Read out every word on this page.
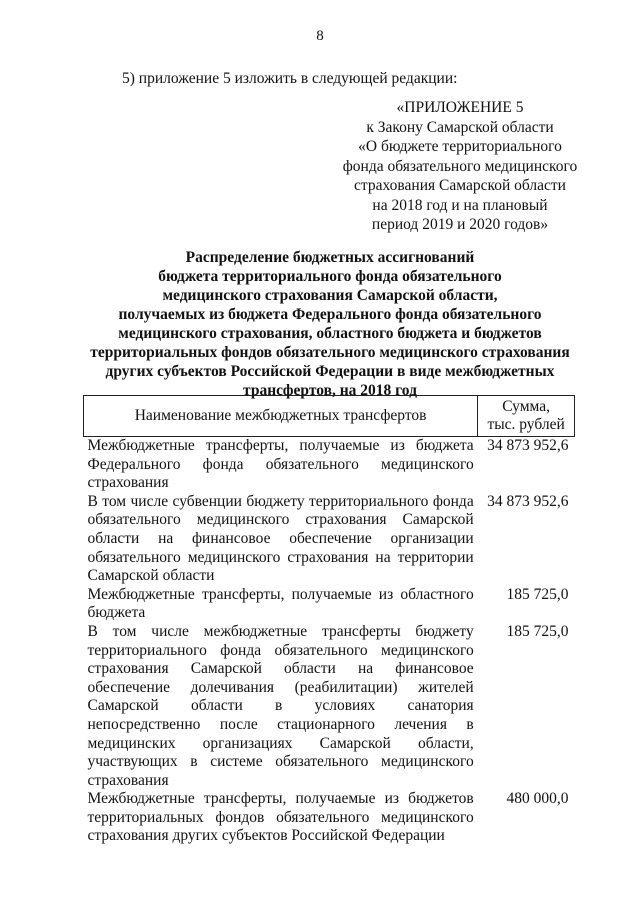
8
5) приложение 5 изложить в следующей редакции:
«ПРИЛОЖЕНИЕ 5
к Закону Самарской области
«О бюджете территориального
фонда обязательного медицинского
страхования Самарской области
на 2018 год и на плановый
период 2019 и 2020 годов»
Распределение бюджетных ассигнований
бюджета территориального фонда обязательного
медицинского страхования Самарской области,
получаемых из бюджета Федерального фонда обязательного
медицинского страхования, областного бюджета и бюджетов
территориальных фондов обязательного медицинского страхования
других субъектов Российской Федерации в виде межбюджетных
трансфертов, на 2018 год
Наименование межбюджетных трансфертов	Сумма,
тыс. рублей

Межбюджетные трансферты, получаемые из бюджета Федерального фонда обязательного медицинского страхования	34 873 952,6
В том числе субвенции бюджету территориального фонда обязательного медицинского страхования Самарской области на финансовое обеспечение организации обязательного медицинского страхования на территории Самарской области	34 873 952,6
Межбюджетные трансферты, получаемые из областного бюджета	185 725,0
В том числе межбюджетные трансферты бюджету территориального фонда обязательного медицинского страхования Самарской области на финансовое обеспечение долечивания (реабилитации) жителей Самарской области в условиях санатория непосредственно после стационарного лечения в медицинских организациях Самарской области, участвующих в системе обязательного медицинского страхования	185 725,0
Межбюджетные трансферты, получаемые из бюджетов территориальных фондов обязательного медицинского страхования других субъектов Российской Федерации	480 000,0
